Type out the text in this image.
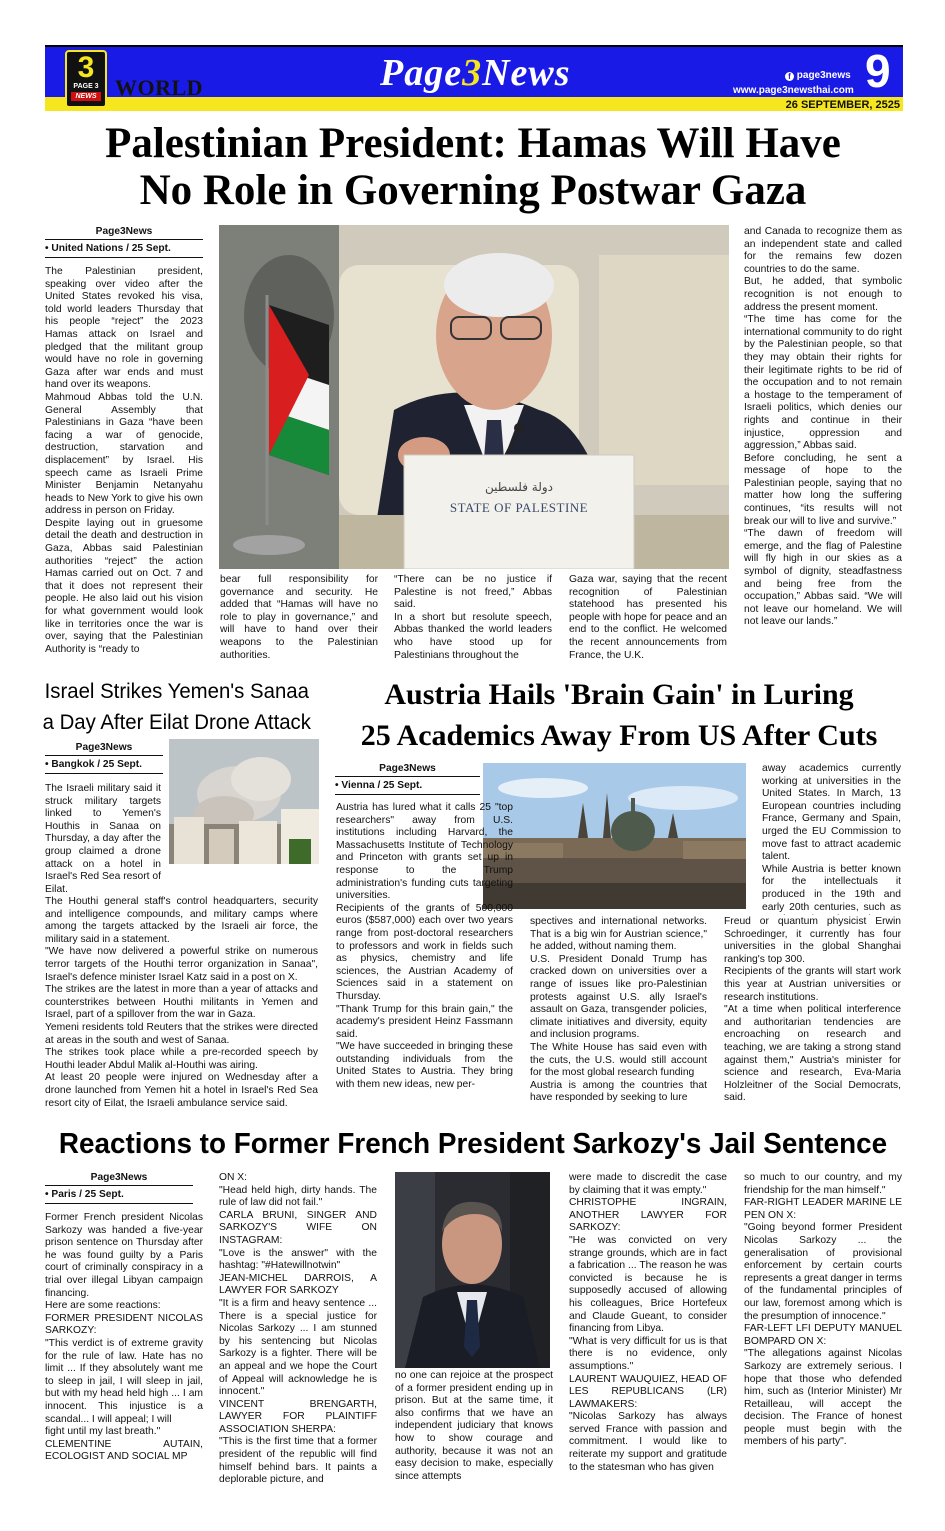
3
PAGE 3
NEWS WORLD	Page3News	f page3news
www.page3newsthai.com 9
26 SEPTEMBER, 2525
Palestinian President: Hamas Will Have
No Role in Governing Postwar Gaza
Page3News
• United Nations / 25 Sept.
The Palestinian president, speaking over video after the United States revoked his visa, told world leaders Thursday that his people “reject” the 2023 Hamas attack on Israel and pledged that the militant group would have no role in governing Gaza after war ends and must hand over its weapons.
Mahmoud Abbas told the U.N. General Assembly that Palestinians in Gaza “have been facing a war of genocide, destruction, starvation and displacement” by Israel. His speech came as Israeli Prime Minister Benjamin Netanyahu heads to New York to give his own address in person on Friday.
Despite laying out in gruesome detail the death and destruction in Gaza, Abbas said Palestinian authorities “reject” the action Hamas carried out on Oct. 7 and that it does not represent their people. He also laid out his vision for what government would look like in territories once the war is over, saying that the Palestinian Authority is “ready to
دولة فلسطين
STATE OF PALESTINE
bear full responsibility for governance and security. He added that “Hamas will have no role to play in governance,” and will have to hand over their weapons to the Palestinian authorities.
“There can be no justice if Palestine is not freed,” Abbas said.
In a short but resolute speech, Abbas thanked the world leaders who have stood up for Palestinians throughout the
Gaza war, saying that the recent recognition of Palestinian statehood has presented his people with hope for peace and an end to the conflict. He welcomed the recent announcements from France, the U.K.
and Canada to recognize them as an independent state and called for the remains few dozen countries to do the same.
But, he added, that symbolic recognition is not enough to address the present moment.
“The time has come for the international community to do right by the Palestinian people, so that they may obtain their rights for their legitimate rights to be rid of the occupation and to not remain a hostage to the temperament of Israeli politics, which denies our rights and continue in their injustice, oppression and aggression,” Abbas said.
Before concluding, he sent a message of hope to the Palestinian people, saying that no matter how long the suffering continues, “its results will not break our will to live and survive.”
“The dawn of freedom will emerge, and the flag of Palestine will fly high in our skies as a symbol of dignity, steadfastness and being free from the occupation,” Abbas said. “We will not leave our homeland. We will not leave our lands.”
Israel Strikes Yemen's Sanaa
a Day After Eilat Drone Attack
Page3News
• Bangkok / 25 Sept.
The Israeli military said it struck military targets linked to Yemen's Houthis in Sanaa on Thursday, a day after the group claimed a drone attack on a hotel in Israel's Red Sea resort of Eilat.
The Houthi general staff's control headquarters, security and intelligence compounds, and military camps where among the targets attacked by the Israeli air force, the military said in a statement.
"We have now delivered a powerful strike on numerous terror targets of the Houthi terror organization in Sanaa", Israel's defence minister Israel Katz said in a post on X.
The strikes are the latest in more than a year of attacks and counterstrikes between Houthi militants in Yemen and Israel, part of a spillover from the war in Gaza.
Yemeni residents told Reuters that the strikes were directed at areas in the south and west of Sanaa.
The strikes took place while a pre-recorded speech by Houthi leader Abdul Malik al-Houthi was airing.
At least 20 people were injured on Wednesday after a drone launched from Yemen hit a hotel in Israel's Red Sea resort city of Eilat, the Israeli ambulance service said.
Austria Hails 'Brain Gain' in Luring
25 Academics Away From US After Cuts
Page3News
• Vienna / 25 Sept.
Austria has lured what it calls 25 "top researchers" away from U.S. institutions including Harvard, the Massachusetts Institute of Technology and Princeton with grants set up in response to the Trump administration's funding cuts targeting universities.
Recipients of the grants of 500,000 euros ($587,000) each over two years range from post-doctoral researchers to professors and work in fields such as physics, chemistry and life sciences, the Austrian Academy of Sciences said in a statement on Thursday.
"Thank Trump for this brain gain," the academy's president Heinz Fassmann said.
"We have succeeded in bringing these outstanding individuals from the United States to Austria. They bring with them new ideas, new per-
spectives and international networks. That is a big win for Austrian science," he added, without naming them.
U.S. President Donald Trump has cracked down on universities over a range of issues like pro-Palestinian protests against U.S. ally Israel's assault on Gaza, transgender policies, climate initiatives and diversity, equity and inclusion programs.
The White House has said even with the cuts, the U.S. would still account for the most global research funding
Austria is among the countries that have responded by seeking to lure
away academics currently working at universities in the United States. In March, 13 European countries including France, Germany and Spain, urged the EU Commission to move fast to attract academic talent.
While Austria is better known for the intellectuals it produced in the 19th and early 20th centuries, such as
Freud or quantum physicist Erwin Schroedinger, it currently has four universities in the global Shanghai ranking's top 300.
Recipients of the grants will start work this year at Austrian universities or research institutions.
"At a time when political interference and authoritarian tendencies are encroaching on research and teaching, we are taking a strong stand against them," Austria's minister for science and research, Eva-Maria Holzleitner of the Social Democrats, said.
Reactions to Former French President Sarkozy's Jail Sentence
Page3News
• Paris / 25 Sept.
Former French president Nicolas Sarkozy was handed a five-year prison sentence on Thursday after he was found guilty by a Paris court of criminally conspiracy in a trial over illegal Libyan campaign financing.
Here are some reactions:
FORMER PRESIDENT NICOLAS SARKOZY:
"This verdict is of extreme gravity for the rule of law. Hate has no limit ... If they absolutely want me to sleep in jail, I will sleep in jail, but with my head held high ... I am innocent. This injustice is a scandal... I will appeal; I will
fight until my last breath."
CLEMENTINE AUTAIN, ECOLOGIST AND SOCIAL MP
ON X:
"Head held high, dirty hands. The rule of law did not fail."
CARLA BRUNI, SINGER AND SARKOZY'S WIFE ON INSTAGRAM:
"Love is the answer" with the hashtag: "#Hatewillnotwin"
JEAN-MICHEL DARROIS, A LAWYER FOR SARKOZY
"It is a firm and heavy sentence ... There is a special justice for Nicolas Sarkozy ... I am stunned by his sentencing but Nicolas Sarkozy is a fighter. There will be an appeal and we hope the Court of Appeal will acknowledge he is innocent."
VINCENT BRENGARTH, LAWYER FOR PLAINTIFF ASSOCIATION SHERPA:
"This is the first time that a former president of the republic will find himself behind bars. It paints a deplorable picture, and
no one can rejoice at the prospect of a former president ending up in prison. But at the same time, it also confirms that we have an independent judiciary that knows how to show courage and authority, because it was not an easy decision to make, especially since attempts
were made to discredit the case by claiming that it was empty."
CHRISTOPHE INGRAIN, ANOTHER LAWYER FOR SARKOZY:
"He was convicted on very strange grounds, which are in fact a fabrication ... The reason he was convicted is because he is supposedly accused of allowing his colleagues, Brice Hortefeux and Claude Gueant, to consider financing from Libya.
"What is very difficult for us is that there is no evidence, only assumptions."
LAURENT WAUQUIEZ, HEAD OF LES REPUBLICANS (LR) LAWMAKERS:
"Nicolas Sarkozy has always served France with passion and commitment. I would like to reiterate my support and gratitude to the statesman who has given
so much to our country, and my friendship for the man himself."
FAR-RIGHT LEADER MARINE LE PEN ON X:
"Going beyond former President Nicolas Sarkozy ... the generalisation of provisional enforcement by certain courts represents a great danger in terms of the fundamental principles of our law, foremost among which is the presumption of innocence."
FAR-LEFT LFI DEPUTY MANUEL BOMPARD ON X:
"The allegations against Nicolas Sarkozy are extremely serious. I hope that those who defended him, such as (Interior Minister) Mr Retailleau, will accept the decision. The France of honest people must begin with the members of his party".
